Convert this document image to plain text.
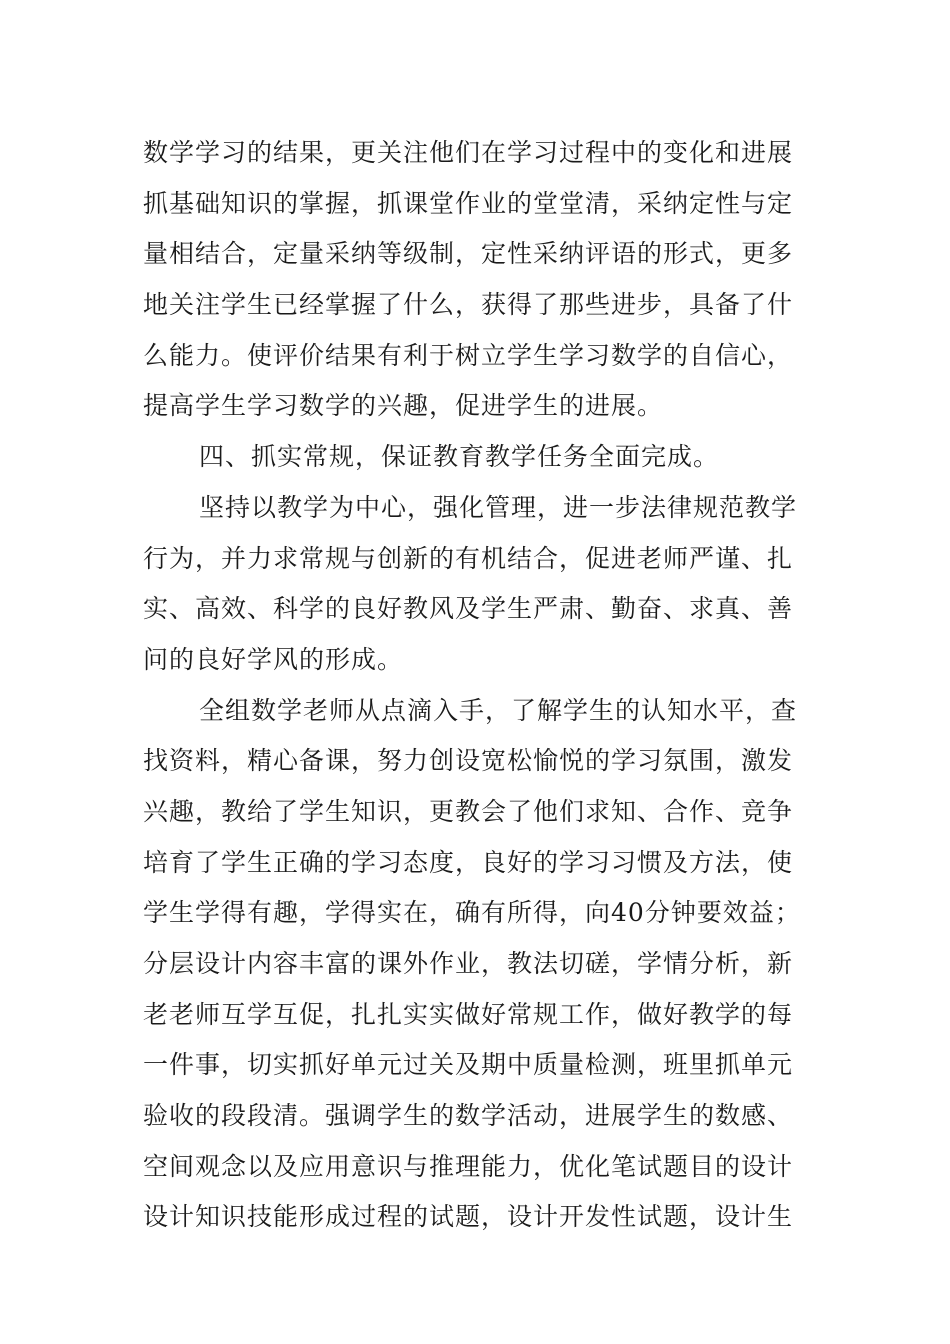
数学学习的结果，更关注他们在学习过程中的变化和进展
抓基础知识的掌握，抓课堂作业的堂堂清，采纳定性与定
量相结合，定量采纳等级制，定性采纳评语的形式，更多
地关注学生已经掌握了什么，获得了那些进步，具备了什
么能力。使评价结果有利于树立学生学习数学的自信心，
提高学生学习数学的兴趣，促进学生的进展。
四、抓实常规，保证教育教学任务全面完成。
坚持以教学为中心，强化管理，进一步法律规范教学
行为，并力求常规与创新的有机结合，促进老师严谨、扎
实、高效、科学的良好教风及学生严肃、勤奋、求真、善
问的良好学风的形成。
全组数学老师从点滴入手，了解学生的认知水平，查
找资料，精心备课，努力创设宽松愉悦的学习氛围，激发
兴趣，教给了学生知识，更教会了他们求知、合作、竞争
培育了学生正确的学习态度，良好的学习习惯及方法，使
学生学得有趣，学得实在，确有所得，向40分钟要效益；
分层设计内容丰富的课外作业，教法切磋，学情分析，新
老老师互学互促，扎扎实实做好常规工作，做好教学的每
一件事，切实抓好单元过关及期中质量检测，班里抓单元
验收的段段清。强调学生的数学活动，进展学生的数感、
空间观念以及应用意识与推理能力，优化笔试题目的设计
设计知识技能形成过程的试题，设计开发性试题，设计生
